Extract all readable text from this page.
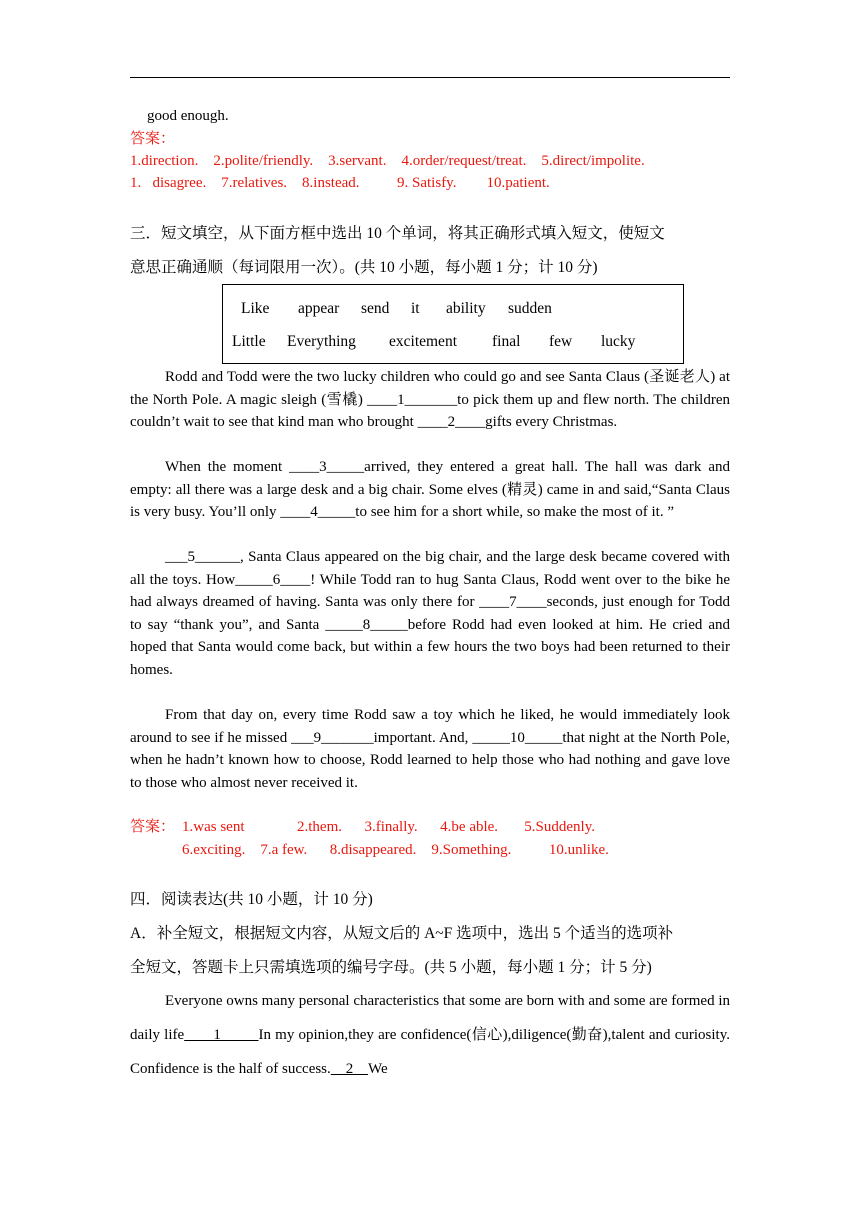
good enough.
答案：
1.direction.    2.polite/friendly.    3.servant.    4.order/request/treat.    5.direct/impolite.
1.   disagree.    7.relatives.    8.instead.          9. Satisfy.        10.patient.
三．短文填空，从下面方框中选出 10 个单词，将其正确形式填入短文，使短文
意思正确通顺（每词限用一次）。(共 10 小题，每小题 1 分；计 10 分)
Like appear send it ability sudden
Little Everything excitement final few lucky

Rodd and Todd were the two lucky children who could go and see Santa Claus (圣诞老人) at the North Pole. A magic sleigh (雪橇) ____1_______to pick them up and flew north. The children couldn’t wait to see that kind man who brought ____2____gifts every Christmas.

When the moment ____3_____arrived, they entered a great hall. The hall was dark and empty: all there was a large desk and a big chair. Some elves (精灵) came in and said,“Santa Claus is very busy. You’ll only ____4_____to see him for a short while, so make the most of it. ”

___5______, Santa Claus appeared on the big chair, and the large desk became covered with all the toys. How_____6____! While Todd ran to hug Santa Claus, Rodd went over to the bike he had always dreamed of having. Santa was only there for ____7____seconds, just enough for Todd to say “thank you”, and Santa _____8_____before Rodd had even looked at him. He cried and hoped that Santa would come back, but within a few hours the two boys had been returned to their homes.

From that day on, every time Rodd saw a toy which he liked, he would immediately look around to see if he missed ___9_______important. And, _____10_____that night at the North Pole, when he hadn’t known how to choose, Rodd learned to help those who had nothing and gave love to those who almost never received it.

答案： 1.was sent              2.them.      3.finally.      4.be able.       5.Suddenly.
6.exciting.    7.a few.      8.disappeared.    9.Something.          10.unlike.
四．阅读表达(共 10 小题，计 10 分)
A．补全短文，根据短文内容，从短文后的 A~F 选项中，选出 5 个适当的选项补
全短文，答题卡上只需填选项的编号字母。(共 5 小题，每小题 1 分；计 5 分)

Everyone owns many personal characteristics that some are born with and some are formed in daily life       1         In my opinion,they are confidence(信心),diligence(勤奋),talent and curiosity. Confidence is the half of success.    2    We
